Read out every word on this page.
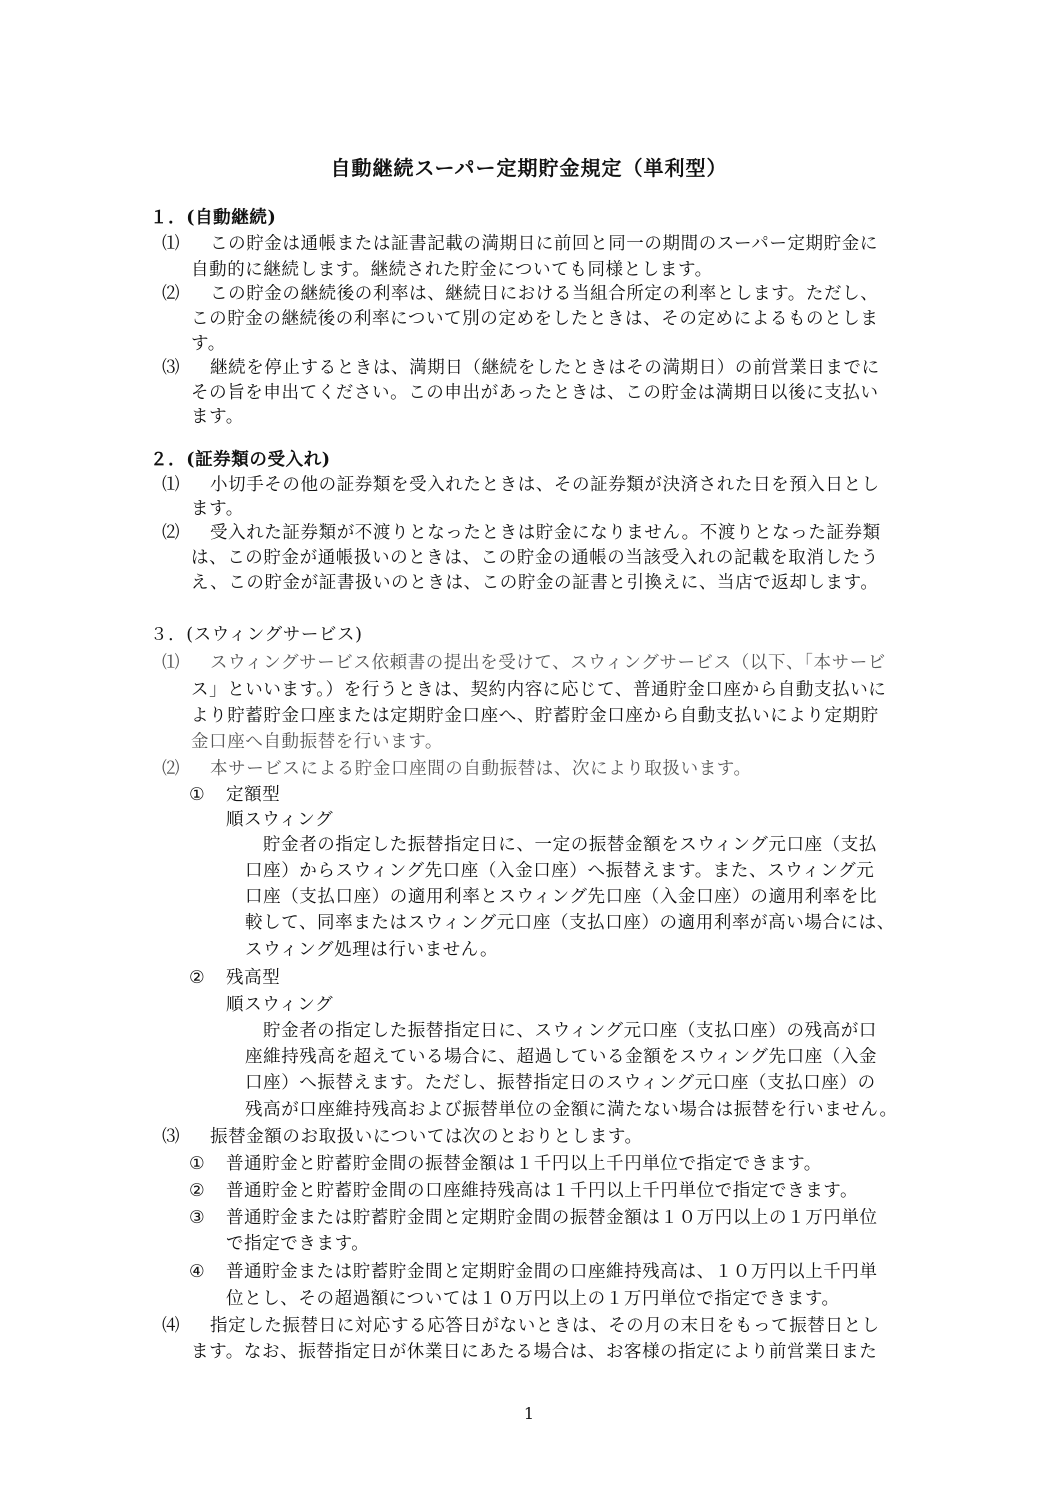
自動継続スーパー定期貯金規定（単利型）
１．(自動継続)
⑴ この貯金は通帳または証書記載の満期日に前回と同一の期間のスーパー定期貯金に
自動的に継続します。継続された貯金についても同様とします。
⑵ この貯金の継続後の利率は、継続日における当組合所定の利率とします。ただし、
この貯金の継続後の利率について別の定めをしたときは、その定めによるものとしま
す。
⑶ 継続を停止するときは、満期日（継続をしたときはその満期日）の前営業日までに
その旨を申出てください。この申出があったときは、この貯金は満期日以後に支払い
ます。
２．(証券類の受入れ)
⑴ 小切手その他の証券類を受入れたときは、その証券類が決済された日を預入日とし
ます。
⑵ 受入れた証券類が不渡りとなったときは貯金になりません。不渡りとなった証券類
は、この貯金が通帳扱いのときは、この貯金の通帳の当該受入れの記載を取消したう
え、この貯金が証書扱いのときは、この貯金の証書と引換えに、当店で返却します。
３．(スウィングサービス)
⑴ スウィングサービス依頼書の提出を受けて、スウィングサービス（以下、「本サービ
ス」といいます。）を行うときは、契約内容に応じて、普通貯金口座から自動支払いに
より貯蓄貯金口座または定期貯金口座へ、貯蓄貯金口座から自動支払いにより定期貯
金口座へ自動振替を行います。
⑵ 本サービスによる貯金口座間の自動振替は、次により取扱います。
① 定額型
順スウィング
貯金者の指定した振替指定日に、一定の振替金額をスウィング元口座（支払
口座）からスウィング先口座（入金口座）へ振替えます。また、スウィング元
口座（支払口座）の適用利率とスウィング先口座（入金口座）の適用利率を比
較して、同率またはスウィング元口座（支払口座）の適用利率が高い場合には、
スウィング処理は行いません。
② 残高型
順スウィング
貯金者の指定した振替指定日に、スウィング元口座（支払口座）の残高が口
座維持残高を超えている場合に、超過している金額をスウィング先口座（入金
口座）へ振替えます。ただし、振替指定日のスウィング元口座（支払口座）の
残高が口座維持残高および振替単位の金額に満たない場合は振替を行いません。
⑶ 振替金額のお取扱いについては次のとおりとします。
① 普通貯金と貯蓄貯金間の振替金額は１千円以上千円単位で指定できます。
② 普通貯金と貯蓄貯金間の口座維持残高は１千円以上千円単位で指定できます。
③ 普通貯金または貯蓄貯金間と定期貯金間の振替金額は１０万円以上の１万円単位
で指定できます。
④ 普通貯金または貯蓄貯金間と定期貯金間の口座維持残高は、１０万円以上千円単
位とし、その超過額については１０万円以上の１万円単位で指定できます。
⑷ 指定した振替日に対応する応答日がないときは、その月の末日をもって振替日とし
ます。なお、振替指定日が休業日にあたる場合は、お客様の指定により前営業日また
1
